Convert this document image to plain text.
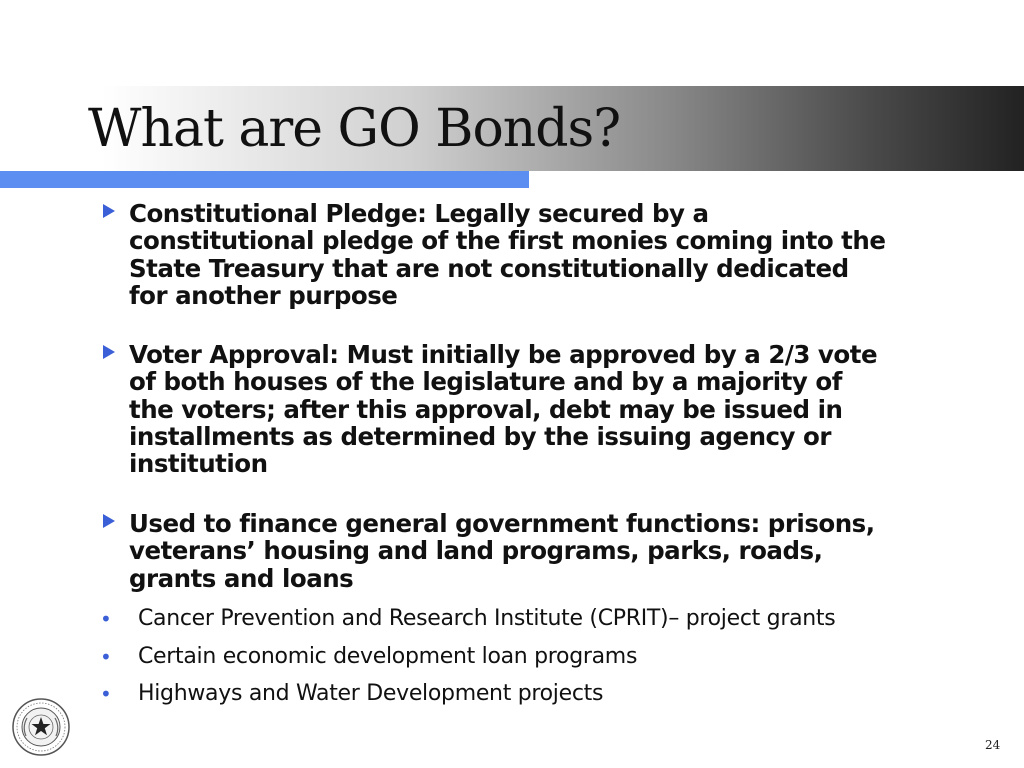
What are GO Bonds?
Constitutional Pledge: Legally secured by a
constitutional pledge of the first monies coming into the
State Treasury that are not constitutionally dedicated
for another purpose
Voter Approval: Must initially be approved by a 2/3 vote
of both houses of the legislature and by a majority of
the voters; after this approval, debt may be issued in
installments as determined by the issuing agency or
institution
Used to finance general government functions: prisons,
veterans’ housing and land programs, parks, roads,
grants and loans
• Cancer Prevention and Research Institute (CPRIT)– project grants
• Certain economic development loan programs
• Highways and Water Development projects
24
